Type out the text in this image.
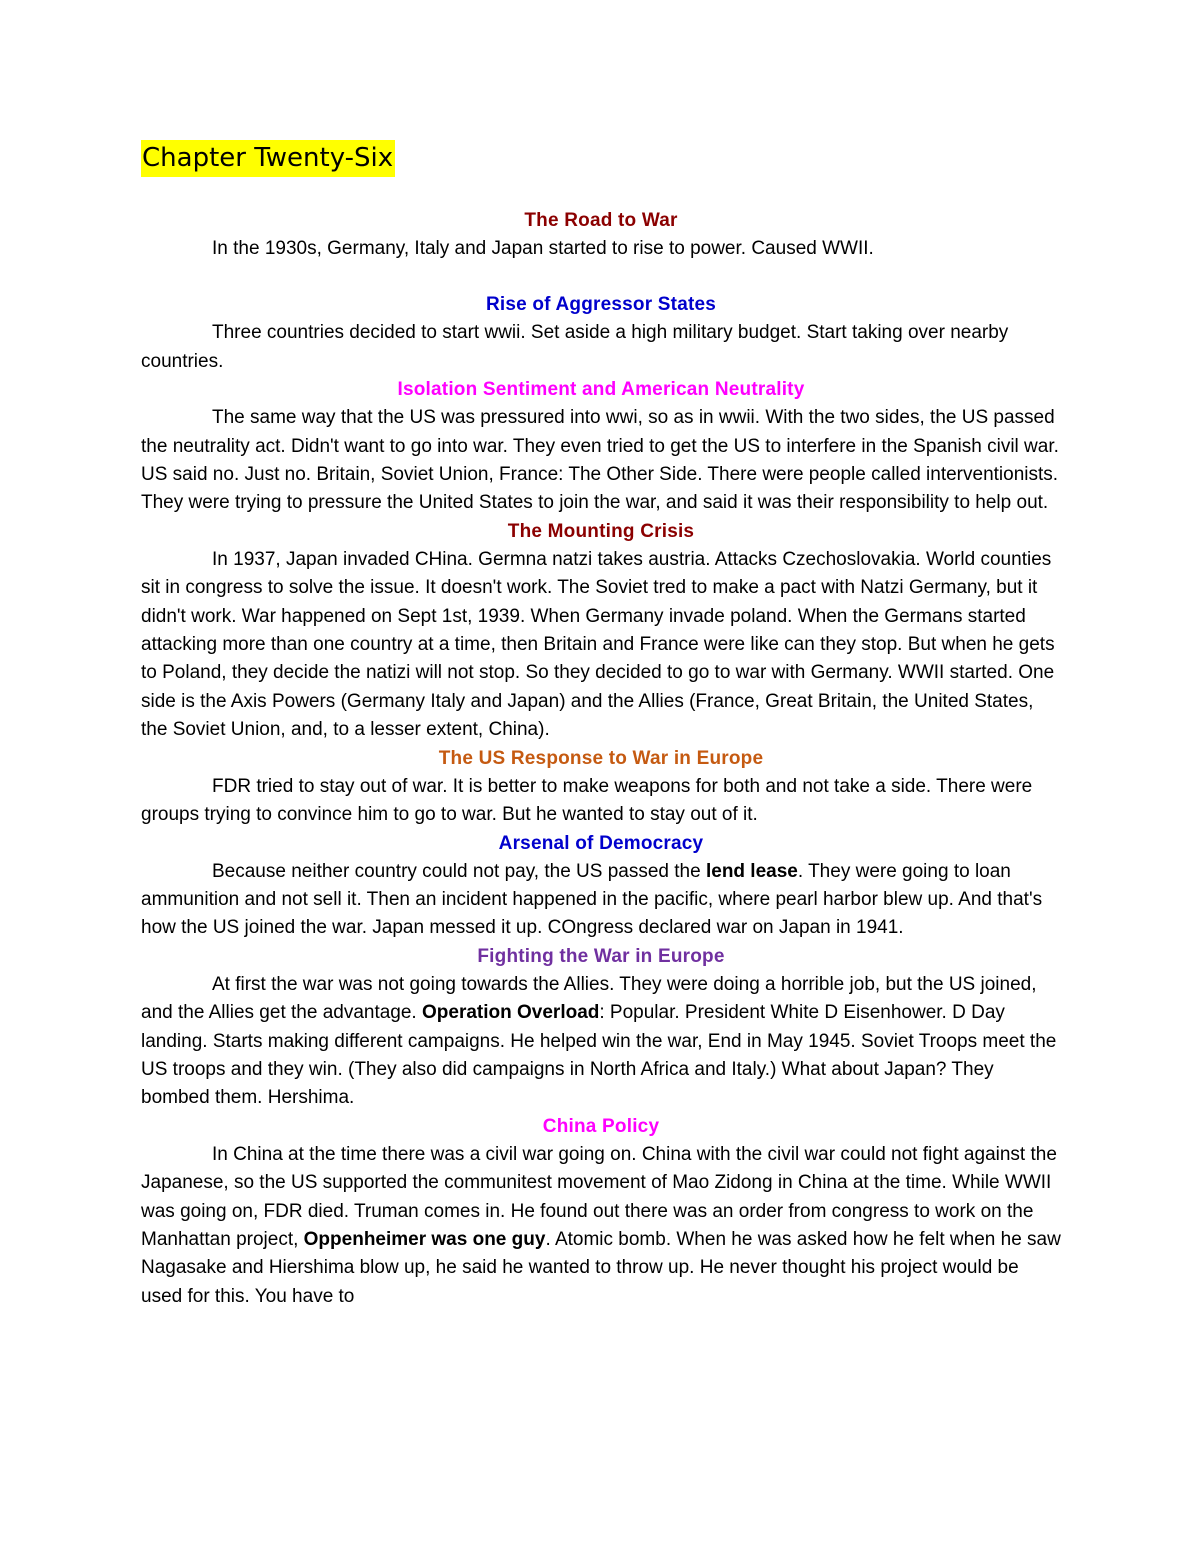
Chapter Twenty-Six
The Road to War
In the 1930s, Germany, Italy and Japan started to rise to power. Caused WWII.
Rise of Aggressor States
Three countries decided to start wwii. Set aside a high military budget. Start taking over nearby countries.
Isolation Sentiment and American Neutrality
The same way that the US was pressured into wwi, so as in wwii. With the two sides, the US passed the neutrality act. Didn't want to go into war. They even tried to get the US to interfere in the Spanish civil war. US said no. Just no. Britain, Soviet Union, France: The Other Side. There were people called interventionists. They were trying to pressure the United States to join the war, and said it was their responsibility to help out.
The Mounting Crisis
In 1937, Japan invaded CHina. Germna natzi takes austria. Attacks Czechoslovakia. World counties sit in congress to solve the issue. It doesn't work. The Soviet tred to make a pact with Natzi Germany, but it didn't work. War happened on Sept 1st, 1939. When Germany invade poland. When the Germans started attacking more than one country at a time, then Britain and France were like can they stop. But when he gets to Poland, they decide the natizi will not stop. So they decided to go to war with Germany. WWII started. One side is the Axis Powers (Germany Italy and Japan) and the Allies (France, Great Britain, the United States, the Soviet Union, and, to a lesser extent, China).
The US Response to War in Europe
FDR tried to stay out of war. It is better to make weapons for both and not take a side. There were groups trying to convince him to go to war. But he wanted to stay out of it.
Arsenal of Democracy
Because neither country could not pay, the US passed the lend lease. They were going to loan ammunition and not sell it. Then an incident happened in the pacific, where pearl harbor blew up. And that's how the US joined the war. Japan messed it up. COngress declared war on Japan in 1941.
Fighting the War in Europe
At first the war was not going towards the Allies. They were doing a horrible job, but the US joined, and the Allies get the advantage. Operation Overload: Popular. President White D Eisenhower. D Day landing. Starts making different campaigns. He helped win the war, End in May 1945. Soviet Troops meet the US troops and they win. (They also did campaigns in North Africa and Italy.) What about Japan? They bombed them. Hershima.
China Policy
In China at the time there was a civil war going on. China with the civil war could not fight against the Japanese, so the US supported the communitest movement of Mao Zidong in China at the time. While WWII was going on, FDR died. Truman comes in. He found out there was an order from congress to work on the Manhattan project, Oppenheimer was one guy. Atomic bomb. When he was asked how he felt when he saw Nagasake and Hiershima blow up, he said he wanted to throw up. He never thought his project would be used for this. You have to
